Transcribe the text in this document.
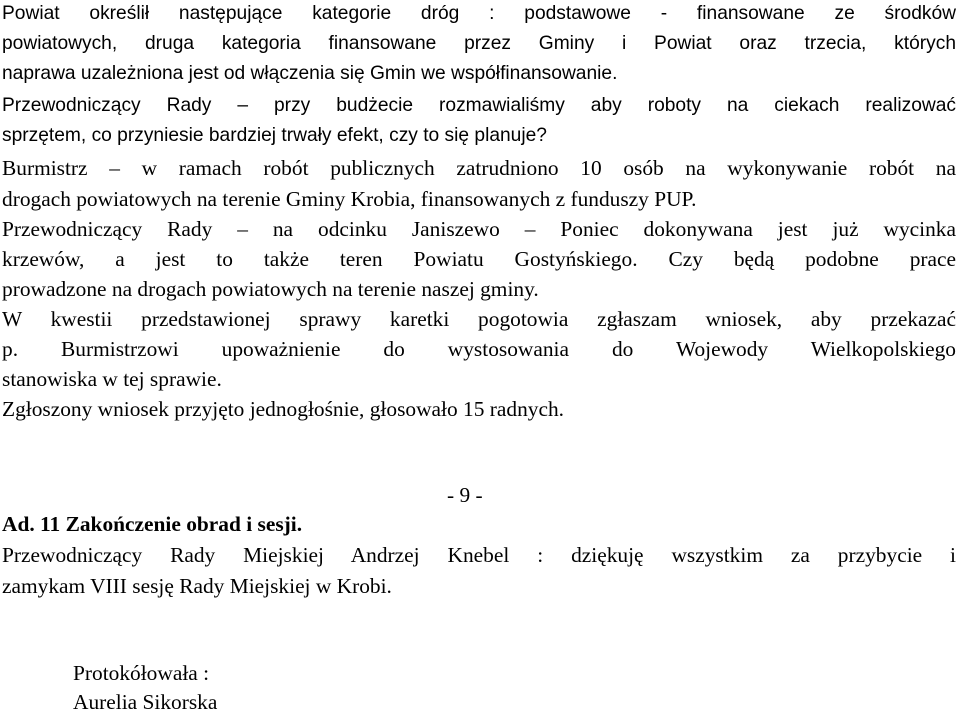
Powiat określił następujące kategorie dróg : podstawowe - finansowane ze środków
powiatowych, druga kategoria finansowane przez Gminy i Powiat oraz trzecia, których
naprawa uzależniona jest od włączenia się Gmin we współfinansowanie.
Przewodniczący Rady – przy budżecie rozmawialiśmy aby roboty na ciekach realizować
sprzętem, co przyniesie bardziej trwały efekt, czy to się planuje?
Burmistrz – w ramach robót publicznych zatrudniono 10 osób na wykonywanie robót na
drogach powiatowych na terenie Gminy Krobia, finansowanych z funduszy PUP.
Przewodniczący Rady – na odcinku Janiszewo – Poniec dokonywana jest już wycinka
krzewów, a jest to także teren Powiatu Gostyńskiego. Czy będą podobne prace
prowadzone na drogach powiatowych na terenie naszej gminy.
W kwestii przedstawionej sprawy karetki pogotowia zgłaszam wniosek, aby przekazać
p. Burmistrzowi upoważnienie do wystosowania do Wojewody Wielkopolskiego
stanowiska w tej sprawie.
Zgłoszony wniosek przyjęto jednogłośnie, głosowało 15 radnych.
- 9 -
Ad. 11 Zakończenie obrad i sesji.
Przewodniczący Rady Miejskiej Andrzej Knebel : dziękuję wszystkim za przybycie i
zamykam VIII sesję Rady Miejskiej w Krobi.
Protokółowała :
Aurelia Sikorska
